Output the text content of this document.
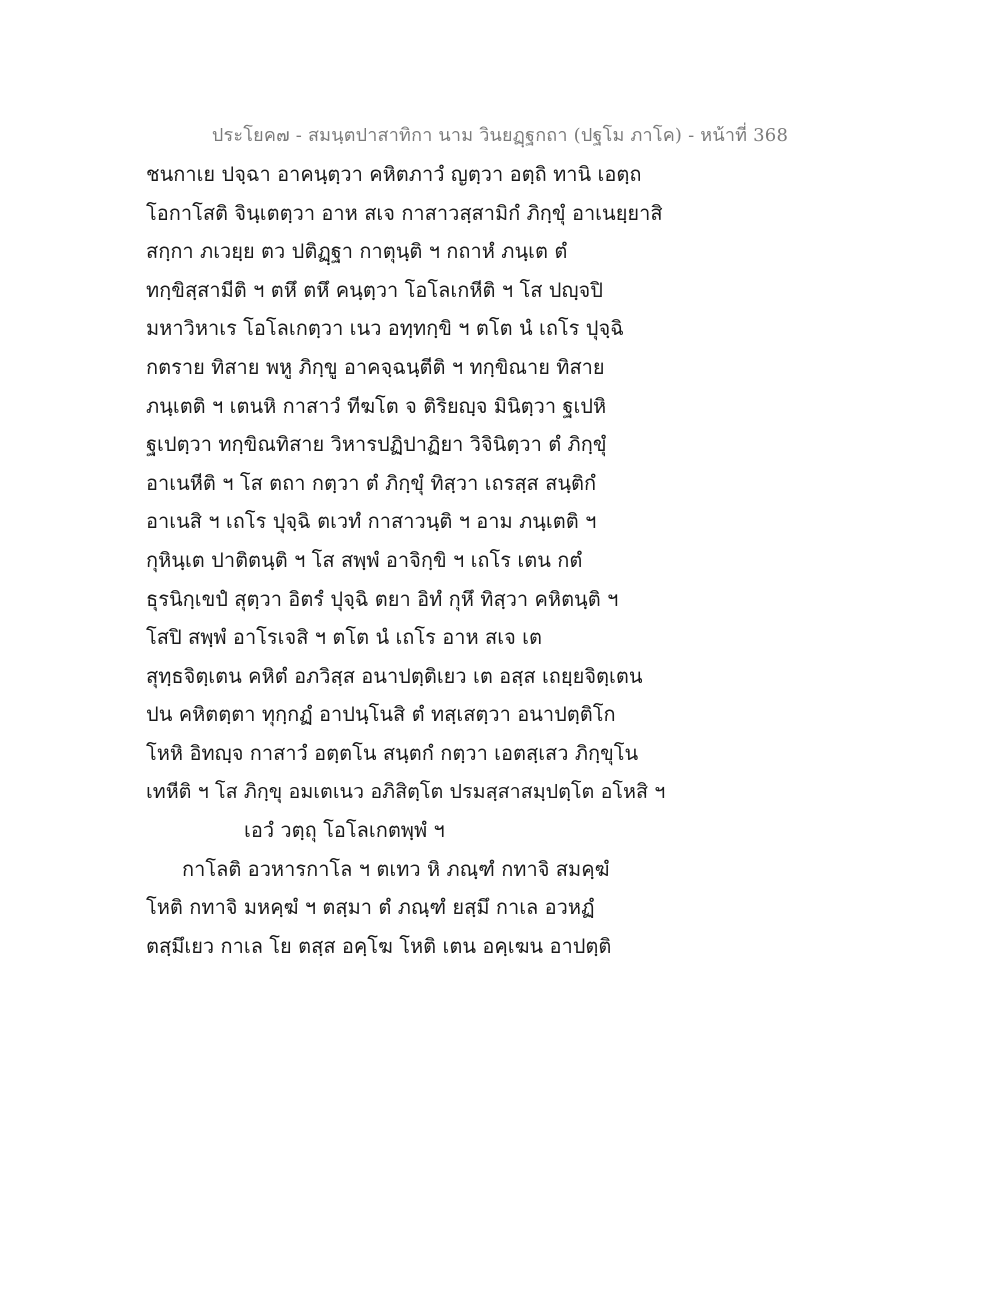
ประโยค๗ - สมนฺตปาสาทิกา นาม วินยฏฺฐกถา (ปฐโม ภาโค) - หน้าที่ 368
ชนกาเย ปจฺฉา อาคนฺตฺวา คหิตภาวํ ญตฺวา อตฺถิ ทานิ เอตฺถ
โอกาโสติ จินฺเตตฺวา อาห สเจ กาสาวสฺสามิกํ ภิกฺขุํ อาเนยฺยาสิ
สกฺกา ภเวยฺย ตว ปติฏฺฐา กาตุนฺติ ฯ กถาหํ ภนฺเต ตํ
ทกฺขิสฺสามีติ ฯ ตหึ ตหึ คนฺตฺวา โอโลเกหีติ ฯ โส ปญฺจปิ
มหาวิหาเร โอโลเกตฺวา เนว อทฺทกฺขิ ฯ ตโต นํ เถโร ปุจฺฉิ
กตราย ทิสาย พหู ภิกฺขู อาคจฺฉนฺตีติ ฯ ทกฺขิณาย ทิสาย
ภนฺเตติ ฯ เตนหิ กาสาวํ ทีฆโต จ ติริยญฺจ มินิตฺวา ฐเปหิ
ฐเปตฺวา ทกฺขิณทิสาย วิหารปฏิปาฏิยา วิจินิตฺวา ตํ ภิกฺขุํ
อาเนหีติ ฯ โส ตถา กตฺวา ตํ ภิกฺขุํ ทิสฺวา เถรสฺส สนฺติกํ
อาเนสิ ฯ เถโร ปุจฺฉิ ตเวทํ กาสาวนฺติ ฯ อาม ภนฺเตติ ฯ
กุหินฺเต ปาติตนฺติ ฯ โส สพฺพํ อาจิกฺขิ ฯ เถโร เตน กตํ
ธุรนิกฺเขปํ สุตฺวา อิตรํ ปุจฺฉิ ตยา อิทํ กุหึ ทิสฺวา คหิตนฺติ ฯ
โสปิ สพฺพํ อาโรเจสิ ฯ ตโต นํ เถโร อาห สเจ เต
สุทฺธจิตฺเตน คหิตํ อภวิสฺส อนาปตฺติเยว เต อสฺส เถยฺยจิตฺเตน
ปน คหิตตฺตา ทุกฺกฏํ อาปนฺโนสิ ตํ ทสฺเสตฺวา อนาปตฺติโก
โหหิ อิทญฺจ กาสาวํ อตฺตโน สนฺตกํ กตฺวา เอตสฺเสว ภิกฺขุโน
เทหีติ ฯ โส ภิกฺขุ อมเตเนว อภิสิตฺโต ปรมสฺสาสมฺปตฺโต อโหสิ ฯ
เอวํ วตฺถุ โอโลเกตพฺพํ ฯ
กาโลติ อวหารกาโล ฯ ตเทว หิ ภณฺฑํ กทาจิ สมคฺฆํ
โหติ กทาจิ มหคฺฆํ ฯ ตสฺมา ตํ ภณฺฑํ ยสฺมึ กาเล อวหฏํ
ตสฺมึเยว กาเล โย ตสฺส อคฺโฆ โหติ เตน อคฺเฆน อาปตฺติ
